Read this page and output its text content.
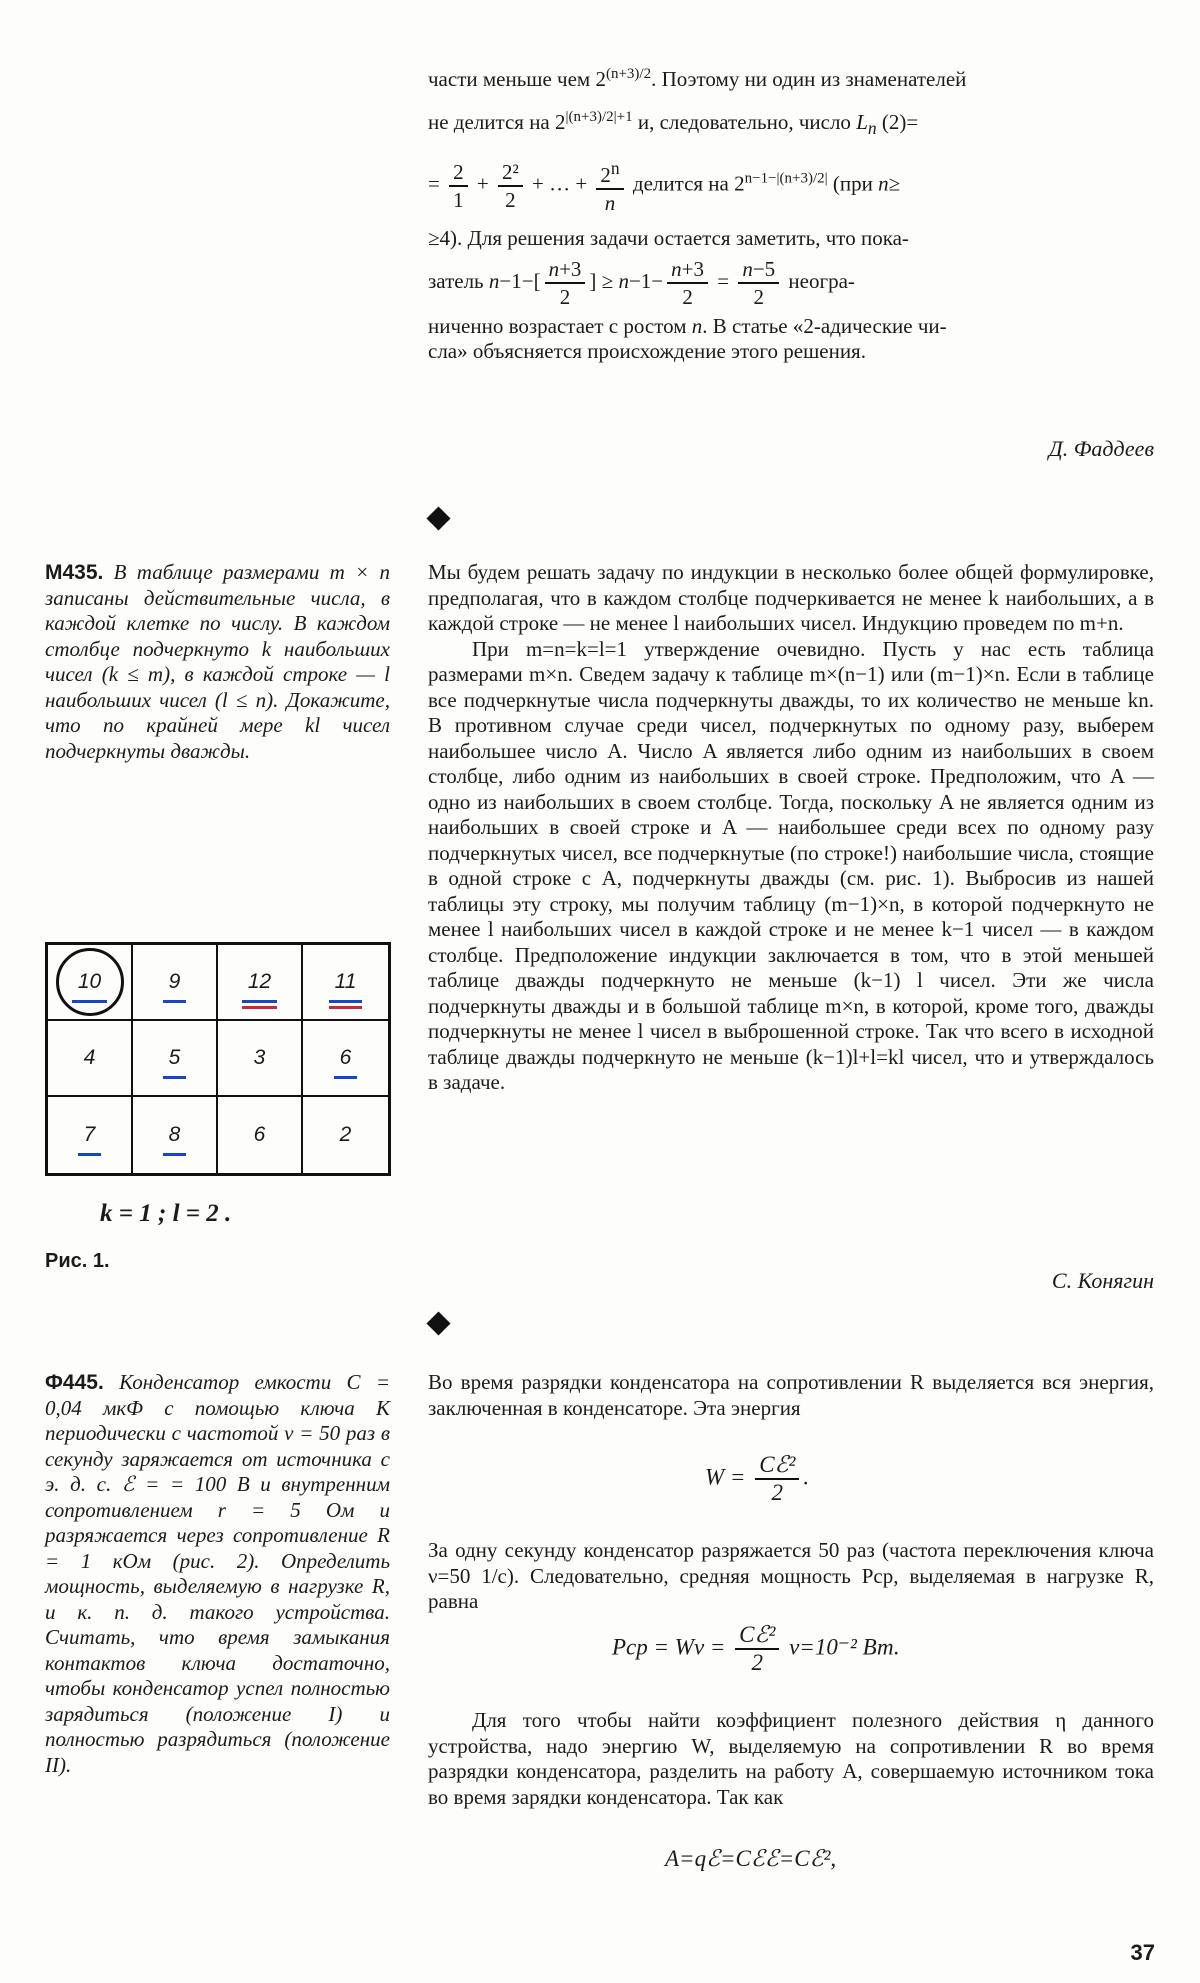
части меньше чем $2^{(n+3)/2}$. Поэтому ни один из знаменателей

не делится на $2^{|(n+3)/2|+1}$ и, следовательно, число $L_n$ (2)=

= $\frac{2}{1} + \frac{\text{2²}}{2}$ + … + $\frac{2^n}{n}$ делится на $2^{n-1-|(n+3)/2|}$ (при n≥

≥4). Для решения задачи остается заметить, что пока-

затель $n-1-[ \frac{n+3}{2}$ ] ≥ $n-1- \frac{n+3}{2} = \frac{n-5}{2}$ неогра-

ниченно возрастает с ростом n. В статье «2-адические чи-

сла» объясняется происхождение этого решения.

Д. Фаддеев
М435. В таблице размерами m × n записаны действительные числа, в каждой клетке по числу. В каждом столбце подчеркнуто k наибольших чисел (k ≤ m), в каждой строке — l наибольших чисел (l ≤ n). Докажите, что по крайней мере kl чисел подчеркнуты дважды.

Мы будем решать задачу по индукции в несколько более общей формулировке, предполагая, что в каждом столбце подчеркивается не менее k наибольших, а в каждой строке — не менее l наибольших чисел. Индукцию проведем по m+n.

При m=n=k=l=1 утверждение очевидно. Пусть у нас есть таблица размерами m×n. Сведем задачу к таблице m×(n−1) или (m−1)×n. Если в таблице все подчеркнутые числа подчеркнуты дважды, то их количество не меньше kn. В противном случае среди чисел, подчеркнутых по одному разу, выберем наибольшее число A. Число A является либо одним из наибольших в своем столбце, либо одним из наибольших в своей строке. Предположим, что A — одно из наибольших в своем столбце. Тогда, поскольку A не является одним из наибольших в своей строке и A — наибольшее среди всех по одному разу подчеркнутых чисел, все подчеркнутые (по строке!) наибольшие числа, стоящие в одной строке с A, подчеркнуты дважды (см. рис. 1). Выбросив из нашей таблицы эту строку, мы получим таблицу (m−1)×n, в которой подчеркнуто не менее l наибольших чисел в каждой строке и не менее k−1 чисел — в каждом столбце. Предположение индукции заключается в том, что в этой меньшей таблице дважды подчеркнуто не меньше (k−1) l чисел. Эти же числа подчеркнуты дважды и в большой таблице m×n, в которой, кроме того, дважды подчеркнуты не менее l чисел в выброшенной строке. Так что всего в исходной таблице дважды подчеркнуто не меньше (k−1)l+l=kl чисел, что и утверждалось в задаче.

С. Конягин
10	9	12	11
4	5	3	6
7	8	6	2
k = 1 ; l = 2 .
Рис. 1.
Ф445. Конденсатор емкости C = 0,04 мкФ с помощью ключа K периодически с частотой ν = 50 раз в секунду заряжается от источника с э. д. с. ℰ = = 100 В и внутренним сопротивлением r = 5 Ом и разряжается через сопротивление R = 1 кОм (рис. 2). Определить мощность, выделяемую в нагрузке R, и к. п. д. такого устройства. Считать, что время замыкания контактов ключа достаточно, чтобы конденсатор успел полностью зарядиться (положение I) и полностью разрядиться (положение II).

Во время разрядки конденсатора на сопротивлении R выделяется вся энергия, заключенная в конденсаторе. Эта энергия

$W = \frac{\text{Cℰ²}}{2}$ .

За одну секунду конденсатор разряжается 50 раз (частота переключения ключа ν=50 1/с). Следовательно, средняя мощность Pср, выделяемая в нагрузке R, равна

Pср = $W\nu = \frac{\text{Cℰ²}}{2} \nu=10^{-2}$ Вт.

Для того чтобы найти коэффициент полезного действия η данного устройства, надо энергию W, выделяемую на сопротивлении R во время разрядки конденсатора, разделить на работу A, совершаемую источником тока во время зарядки конденсатора. Так как

A=qℰ=Cℰℰ=Cℰ²,
37
